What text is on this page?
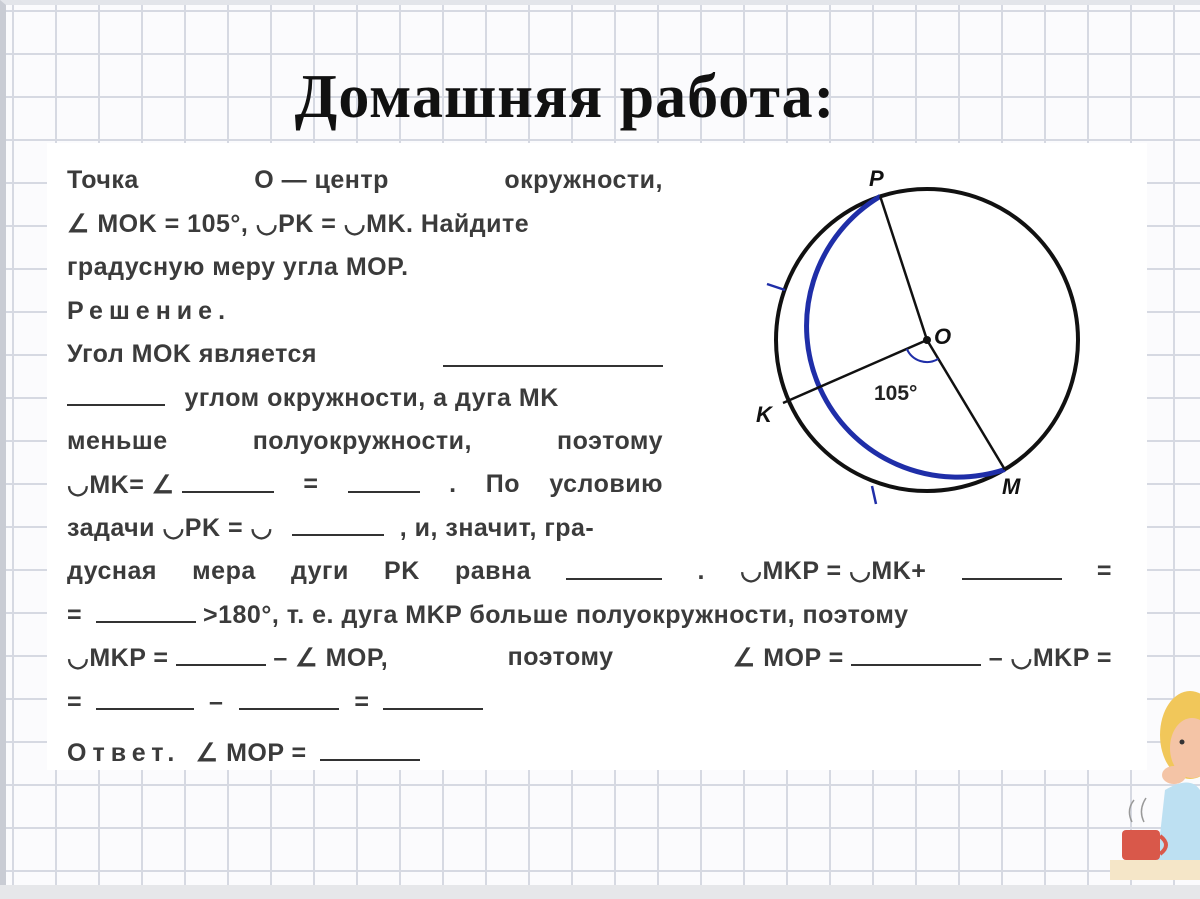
Домашняя работа:
Точка	O — центр	окружности,
∠ MOK = 105°, ◡PK = ◡MK. Найдите
градусную меру угла MOP.
Решение.
Угол MOK является
углом окружности, а дуга MK
меньше	полуокружности,	поэтому
◡MK= ∠	=	. По условию
задачи ◡PK = ◡	, и, значит, гра-
дусная мера дуги PK равна	. ◡MKP = ◡MK+	=
=	>180°, т. е. дуга MKP больше полуокружности, поэтому
◡MKP =	– ∠ MOP,	поэтому	∠ MOP =	– ◡MKP =
=	–	=
Ответ. ∠ MOP =
P
O
K
M
105°
